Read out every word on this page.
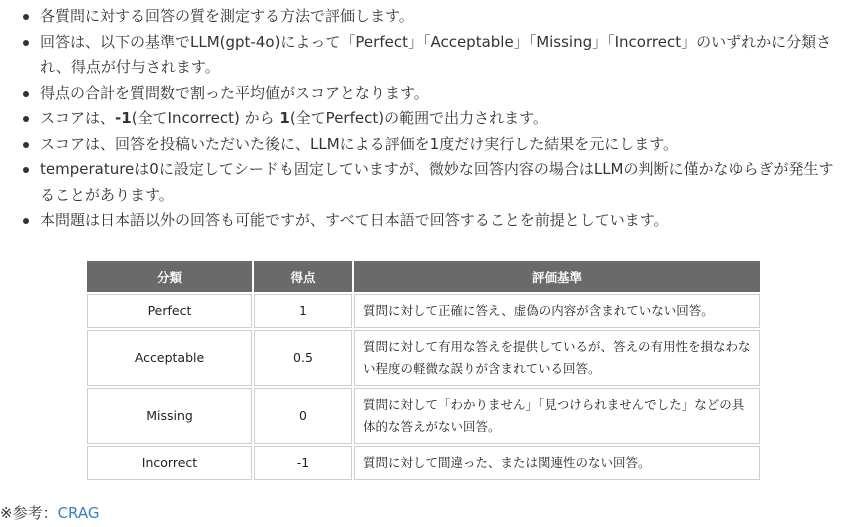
各質問に対する回答の質を測定する方法で評価します。
回答は、以下の基準でLLM(gpt-4o)によって「Perfect」「Acceptable」「Missing」「Incorrect」のいずれかに分類され、得点が付与されます。
得点の合計を質問数で割った平均値がスコアとなります。
スコアは、-1(全てIncorrect) から 1(全てPerfect)の範囲で出力されます。
スコアは、回答を投稿いただいた後に、LLMによる評価を1度だけ実行した結果を元にします。
temperatureは0に設定してシードも固定していますが、微妙な回答内容の場合はLLMの判断に僅かなゆらぎが発生することがあります。
本問題は日本語以外の回答も可能ですが、すべて日本語で回答することを前提としています。
分類	得点	評価基準
Perfect	1	質問に対して正確に答え、虚偽の内容が含まれていない回答。
Acceptable	0.5	質問に対して有用な答えを提供しているが、答えの有用性を損なわない程度の軽微な誤りが含まれている回答。
Missing	0	質問に対して「わかりません」「見つけられませんでした」などの具体的な答えがない回答。
Incorrect	-1	質問に対して間違った、または関連性のない回答。
※参考：CRAG
